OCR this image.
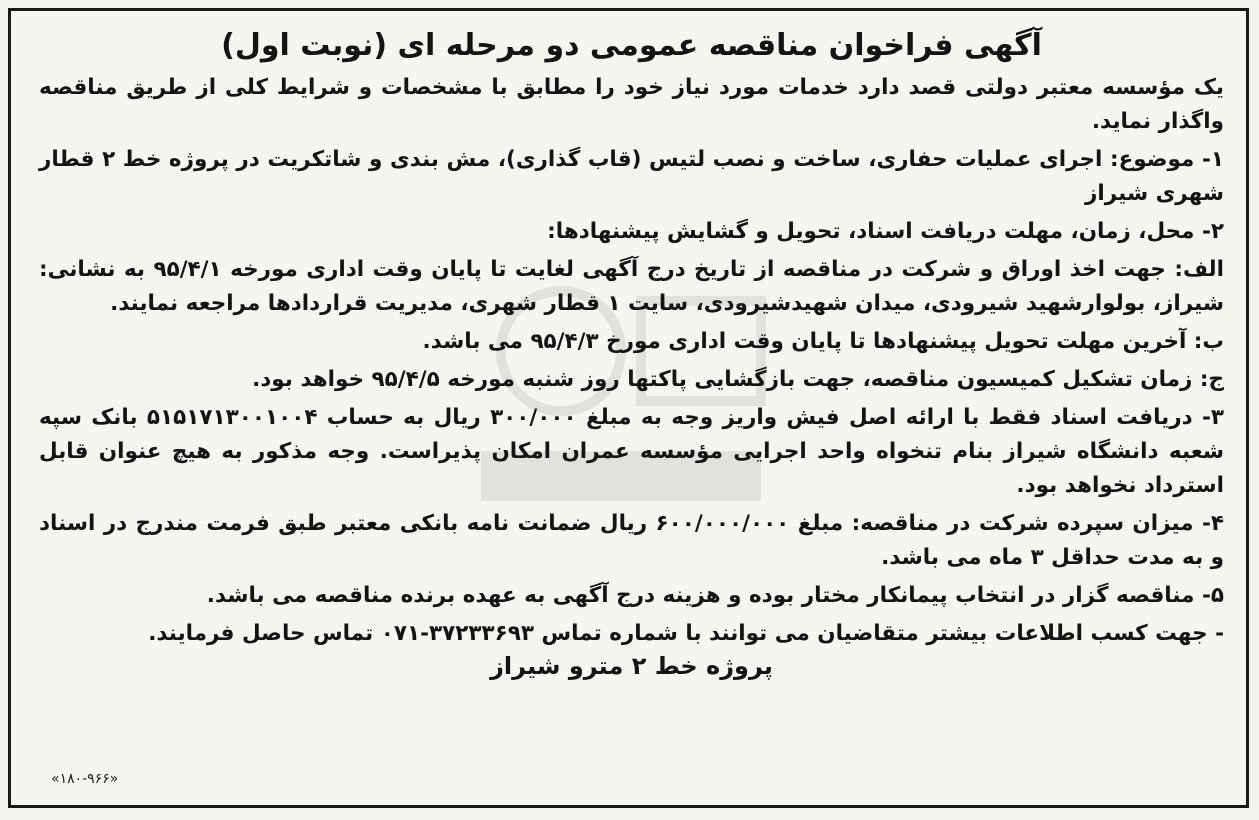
آگهی فراخوان مناقصه عمومی دو مرحله ای (نوبت اول)
یک مؤسسه معتبر دولتی قصد دارد خدمات مورد نیاز خود را مطابق با مشخصات و شرایط کلی از طریق مناقصه واگذار نماید.
۱- موضوع: اجرای عملیات حفاری، ساخت و نصب لتیس (قاب گذاری)، مش بندی و شاتکریت در پروژه خط ۲ قطار شهری شیراز
۲- محل، زمان، مهلت دریافت اسناد، تحویل و گشایش پیشنهادها:
الف: جهت اخذ اوراق و شرکت در مناقصه از تاریخ درج آگهی لغایت تا پایان وقت اداری مورخه ۹۵/۴/۱ به نشانی: شیراز، بولوارشهید شیرودی، میدان شهیدشیرودی، سایت ۱ قطار شهری، مدیریت قراردادها مراجعه نمایند.
ب: آخرین مهلت تحویل پیشنهادها تا پایان وقت اداری مورخ ۹۵/۴/۳ می باشد.
ج: زمان تشکیل کمیسیون مناقصه، جهت بازگشایی پاکتها روز شنبه مورخه ۹۵/۴/۵ خواهد بود.
۳- دریافت اسناد فقط با ارائه اصل فیش واریز وجه به مبلغ ۳۰۰/۰۰۰ ریال به حساب ۵۱۵۱۷۱۳۰۰۱۰۰۴ بانک سپه شعبه دانشگاه شیراز بنام تنخواه واحد اجرایی مؤسسه عمران امکان پذیراست. وجه مذکور به هیچ عنوان قابل استرداد نخواهد بود.
۴- میزان سپرده شرکت در مناقصه: مبلغ ۶۰۰/۰۰۰/۰۰۰ ریال ضمانت نامه بانکی معتبر طبق فرمت مندرج در اسناد و به مدت حداقل ۳ ماه می باشد.
۵- مناقصه گزار در انتخاب پیمانکار مختار بوده و هزینه درج آگهی به عهده برنده مناقصه می باشد.
- جهت کسب اطلاعات بیشتر متقاضیان می توانند با شماره تماس ۳۷۲۳۳۶۹۳-۰۷۱ تماس حاصل فرمایند.
پروژه خط ۲ مترو شیراز
«۱۸۰-۹۶۶»
